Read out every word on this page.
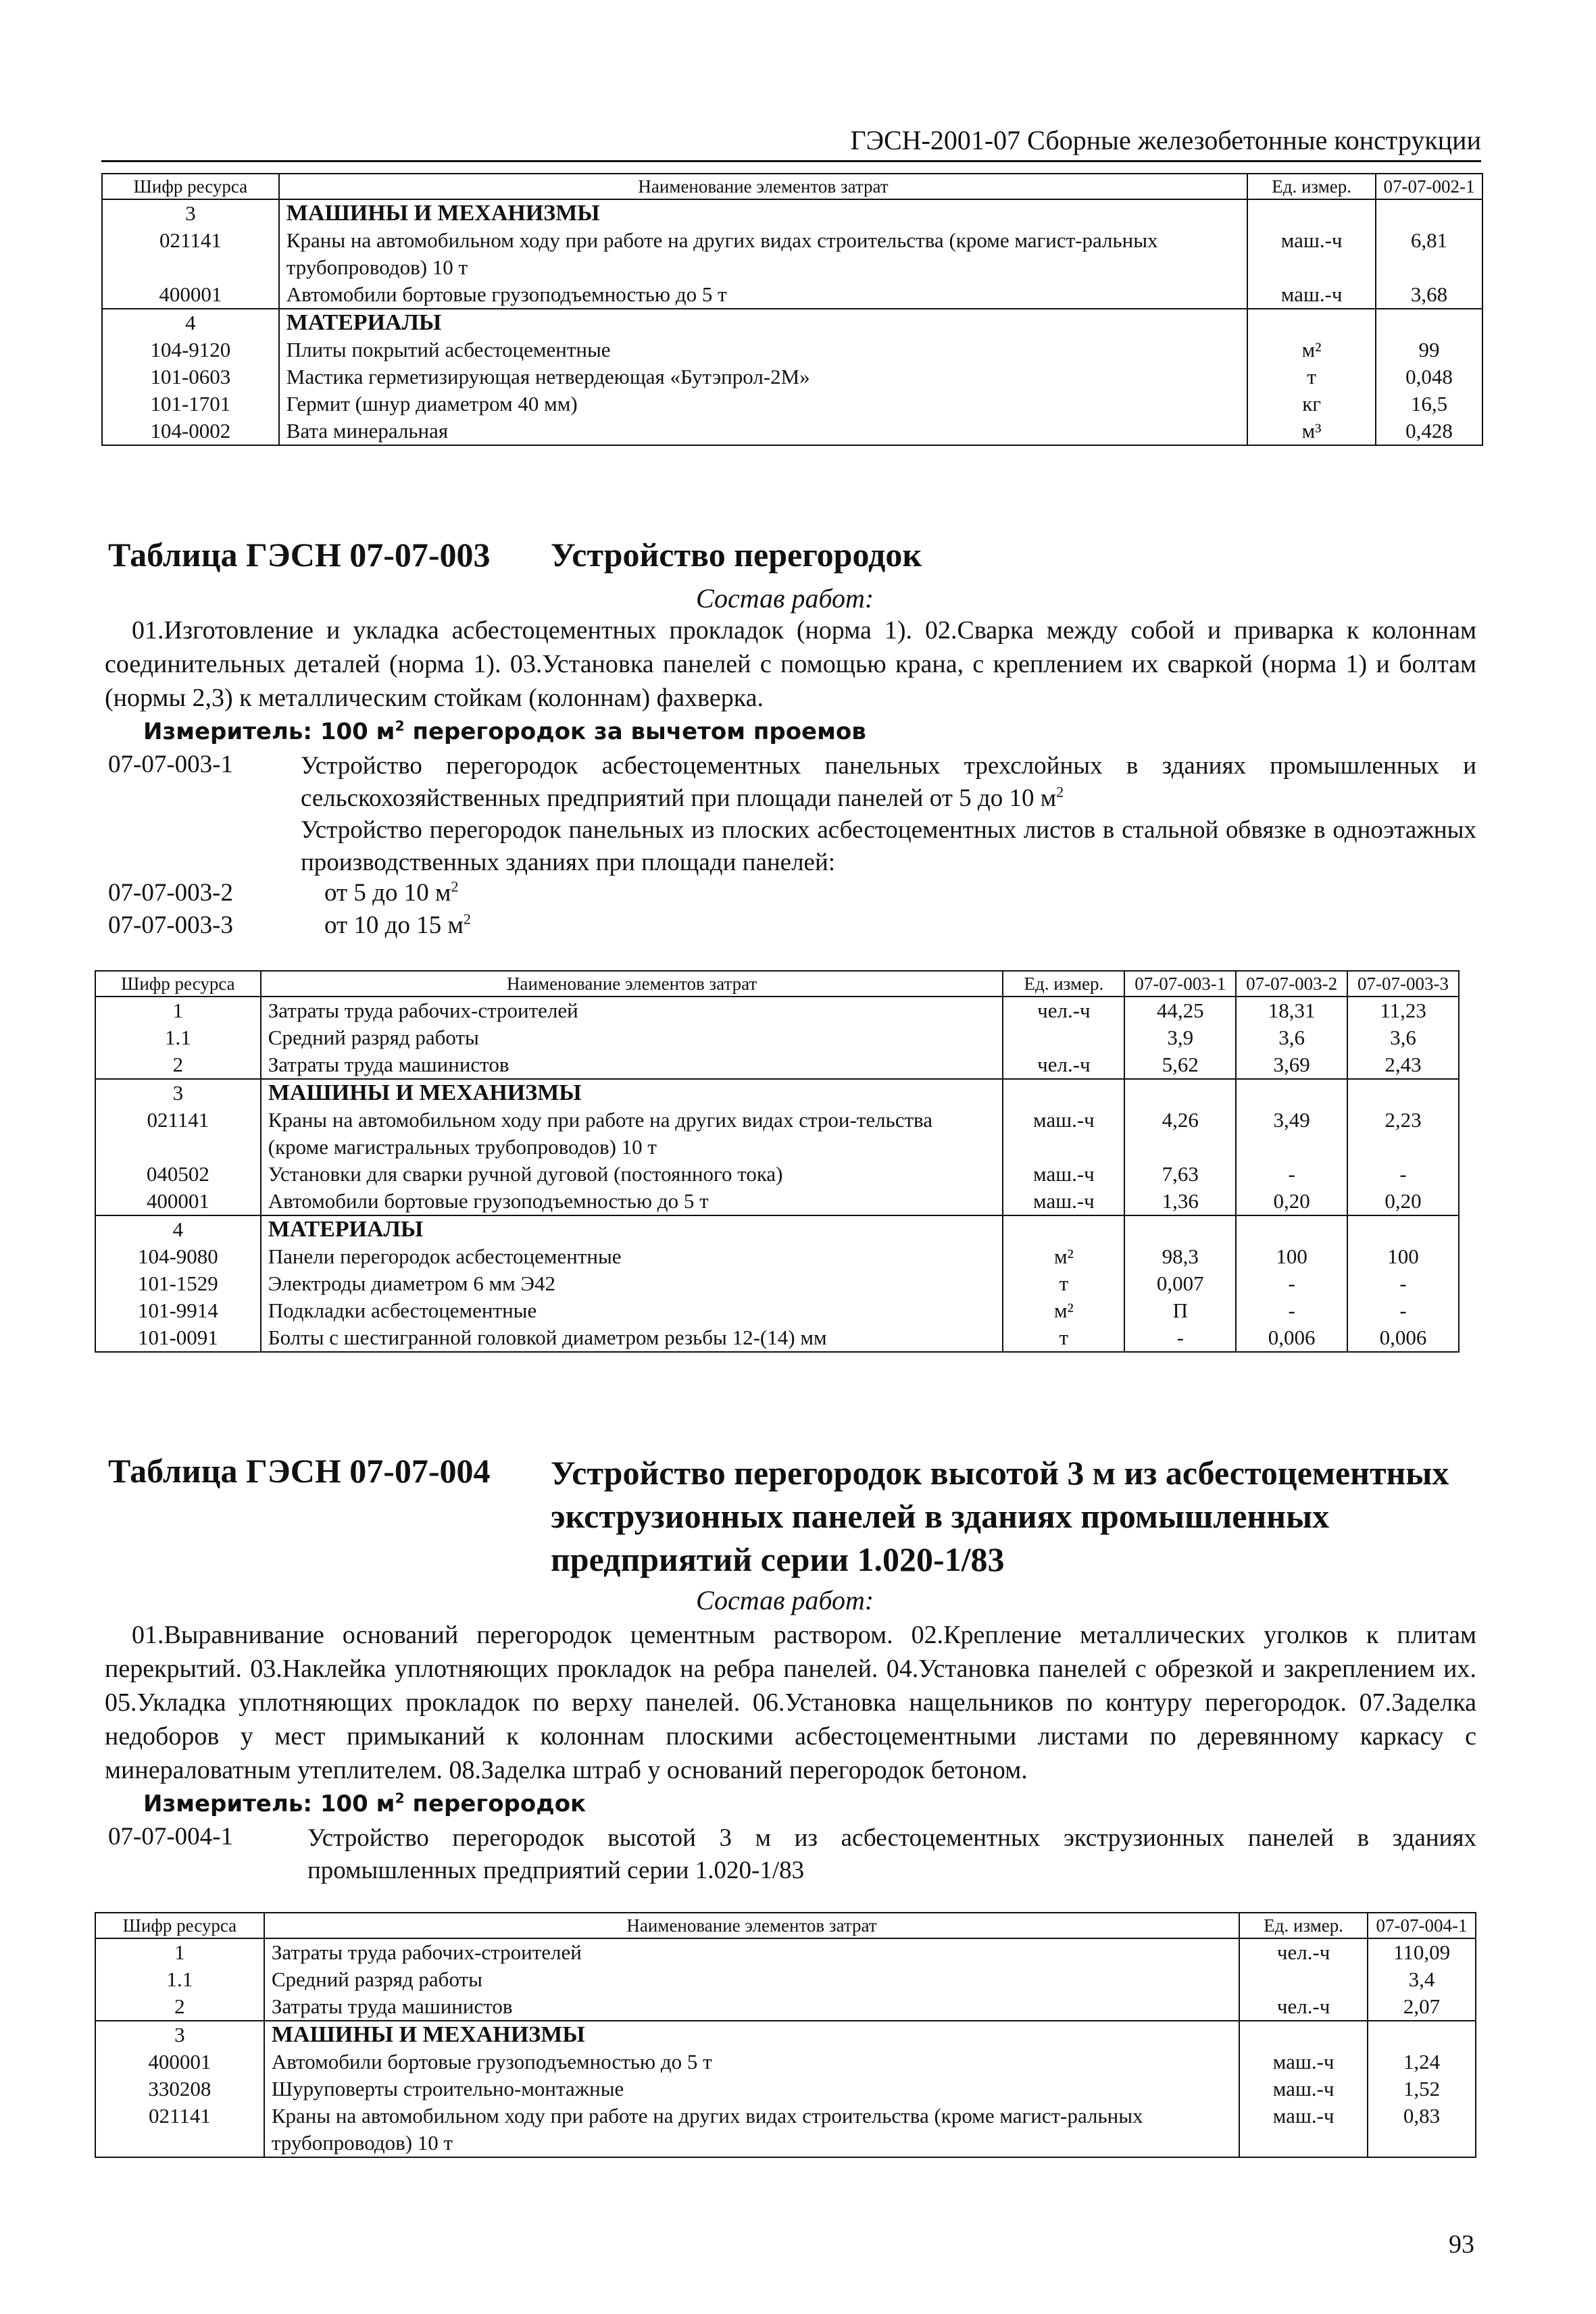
ГЭСН-2001-07 Сборные железобетонные конструкции
Шифр ресурса	Наименование элементов затрат	Ед. измер.	07-07-002-1
3	МАШИНЫ И МЕХАНИЗМЫ		
021141	Краны на автомобильном ходу при работе на других видах строительства (кроме магист-ральных трубопроводов) 10 т	маш.-ч	6,81
400001	Автомобили бортовые грузоподъемностью до 5 т	маш.-ч	3,68
4	МАТЕРИАЛЫ		
104-9120	Плиты покрытий асбестоцементные	м²	99
101-0603	Мастика герметизирующая нетвердеющая «Бутэпрол-2М»	т	0,048
101-1701	Гермит (шнур диаметром 40 мм)	кг	16,5
104-0002	Вата минеральная	м³	0,428
Таблица ГЭСН 07-07-003 Устройство перегородок
Состав работ:
01.Изготовление и укладка асбестоцементных прокладок (норма 1). 02.Сварка между собой и приварка к колоннам соединительных деталей (норма 1). 03.Установка панелей с помощью крана, с креплением их сваркой (норма 1) и болтам (нормы 2,3) к металлическим стойкам (колоннам) фахверка.
Измеритель: 100 $м^2$ перегородок за вычетом проемов
07-07-003-1	Устройство перегородок асбестоцементных панельных трехслойных в зданиях промышленных и сельскохозяйственных предприятий при площади панелей от 5 до 10 $м^2$
Устройство перегородок панельных из плоских асбестоцементных листов в стальной обвязке в одноэтажных производственных зданиях при площади панелей:
07-07-003-2	от 5 до 10 $м^2$
07-07-003-3	от 10 до 15 $м^2$
Шифр ресурса	Наименование элементов затрат	Ед. измер.	07-07-003-1	07-07-003-2	07-07-003-3
1	Затраты труда рабочих-строителей	чел.-ч	44,25	18,31	11,23
1.1	Средний разряд работы		3,9	3,6	3,6
2	Затраты труда машинистов	чел.-ч	5,62	3,69	2,43
3	МАШИНЫ И МЕХАНИЗМЫ				
021141	Краны на автомобильном ходу при работе на других видах строи-тельства (кроме магистральных трубопроводов) 10 т	маш.-ч	4,26	3,49	2,23
040502	Установки для сварки ручной дуговой (постоянного тока)	маш.-ч	7,63	-	-
400001	Автомобили бортовые грузоподъемностью до 5 т	маш.-ч	1,36	0,20	0,20
4	МАТЕРИАЛЫ				
104-9080	Панели перегородок асбестоцементные	м²	98,3	100	100
101-1529	Электроды диаметром 6 мм Э42	т	0,007	-	-
101-9914	Подкладки асбестоцементные	м²	П	-	-
101-0091	Болты с шестигранной головкой диаметром резьбы 12-(14) мм	т	-	0,006	0,006
Таблица ГЭСН 07-07-004 Устройство перегородок высотой 3 м из асбестоцементных экструзионных панелей в зданиях промышленных предприятий серии 1.020-1/83
Состав работ:
01.Выравнивание оснований перегородок цементным раствором. 02.Крепление металлических уголков к плитам перекрытий. 03.Наклейка уплотняющих прокладок на ребра панелей. 04.Установка панелей с обрезкой и закреплением их. 05.Укладка уплотняющих прокладок по верху панелей. 06.Установка нащельников по контуру перегородок. 07.Заделка недоборов у мест примыканий к колоннам плоскими асбестоцементными листами по деревянному каркасу с минераловатным утеплителем. 08.Заделка штраб у оснований перегородок бетоном.
Измеритель: 100 $м^2$ перегородок
07-07-004-1	Устройство перегородок высотой 3 м из асбестоцементных экструзионных панелей в зданиях промышленных предприятий серии 1.020-1/83
Шифр ресурса	Наименование элементов затрат	Ед. измер.	07-07-004-1
1	Затраты труда рабочих-строителей	чел.-ч	110,09
1.1	Средний разряд работы		3,4
2	Затраты труда машинистов	чел.-ч	2,07
3	МАШИНЫ И МЕХАНИЗМЫ		
400001	Автомобили бортовые грузоподъемностью до 5 т	маш.-ч	1,24
330208	Шуруповерты строительно-монтажные	маш.-ч	1,52
021141	Краны на автомобильном ходу при работе на других видах строительства (кроме магист-ральных трубопроводов) 10 т	маш.-ч	0,83
93
